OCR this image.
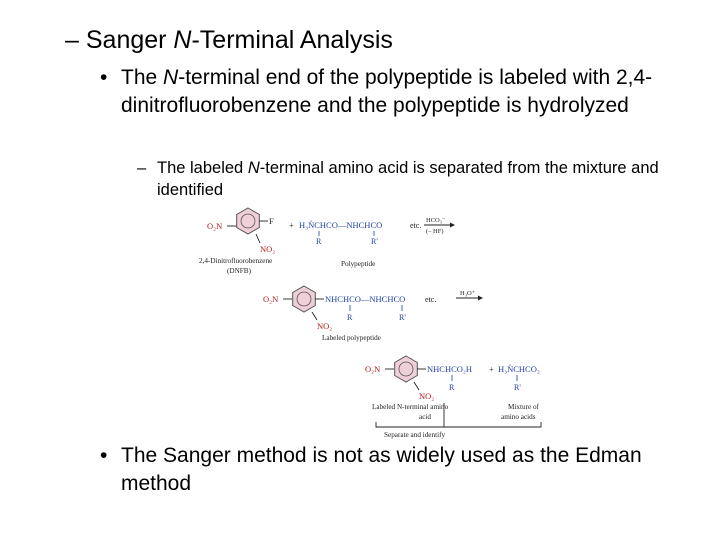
– Sanger N-Terminal Analysis
• The N-terminal end of the polypeptide is labeled with 2,4-dinitrofluorobenzene and the polypeptide is hydrolyzed
– The labeled N-terminal amino acid is separated from the mixture and identified
O₂N	F
NO₂
+ H₃N̈CHCO—NHCHCO	etc.
R	R'
HCO₃⁻
(– HF)
2,4-Dinitrofluorobenzene
(DNFB)
Polypeptide
O₂N	NHCHCO—NHCHCO etc.
NO₂
R	R'
H₃O⁺
Labeled polypeptide
O₂N	NHCHCO₂H + H₃N̈CHCO₂
NO₂
R	R'
Labeled N-terminal amino
acid
Mixture of
amino acids
Separate and identify
• The Sanger method is not as widely used as the Edman method
